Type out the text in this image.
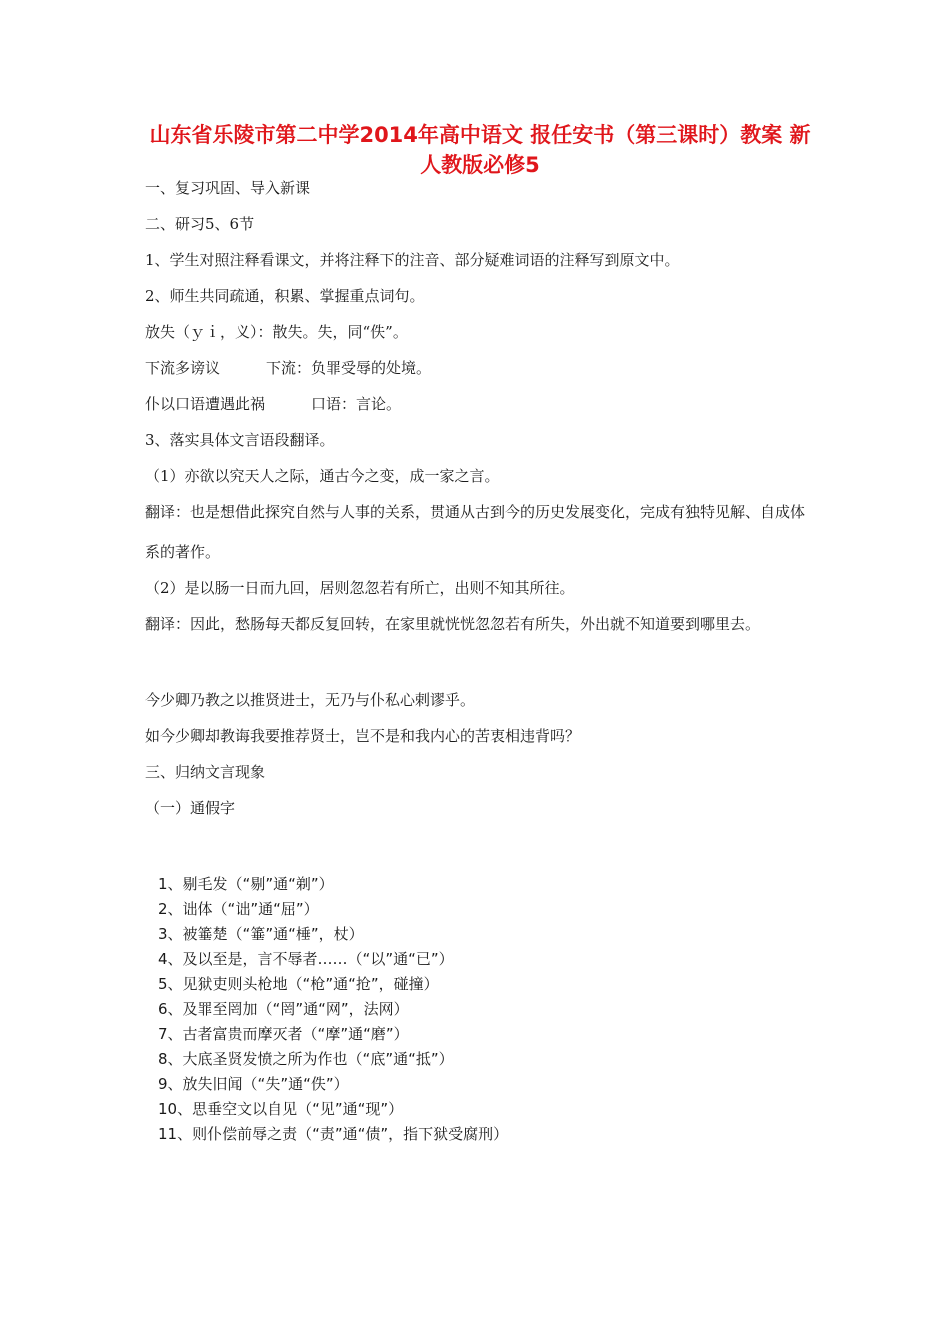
山东省乐陵市第二中学2014年高中语文 报任安书（第三课时）教案 新人教版必修5
一、复习巩固、导入新课
二、研习5、6节
1、学生对照注释看课文，并将注释下的注音、部分疑难词语的注释写到原文中。
2、师生共同疏通，积累、掌握重点词句。
放失（ｙｉ，义）：散失。失，同“佚”。
下流多谤议	下流：负罪受辱的处境。
仆以口语遭遇此祸	口语：言论。
3、落实具体文言语段翻译。
（1）亦欲以究天人之际，通古今之变，成一家之言。
翻译：也是想借此探究自然与人事的关系，贯通从古到今的历史发展变化，完成有独特见解、自成体系的著作。
（2）是以肠一日而九回，居则忽忽若有所亡，出则不知其所往。
翻译：因此，愁肠每天都反复回转，在家里就恍恍忽忽若有所失，外出就不知道要到哪里去。
今少卿乃教之以推贤进士，无乃与仆私心剌谬乎。
如今少卿却教诲我要推荐贤士，岂不是和我内心的苦衷相违背吗？
三、归纳文言现象
（一）通假字
1、剔毛发（“剔”通“剃”）
2、诎体（“诎”通“屈”）
3、被箠楚（“箠”通“棰”，杖）
4、及以至是，言不辱者……（“以”通“已”）
5、见狱吏则头枪地（“枪”通“抢”，碰撞）
6、及罪至罔加（“罔”通“网”，法网）
7、古者富贵而摩灭者（“摩”通“磨”）
8、大底圣贤发愤之所为作也（“底”通“抵”）
9、放失旧闻（“失”通“佚”）
10、思垂空文以自见（“见”通“现”）
11、则仆偿前辱之责（“责”通“债”，指下狱受腐刑）
